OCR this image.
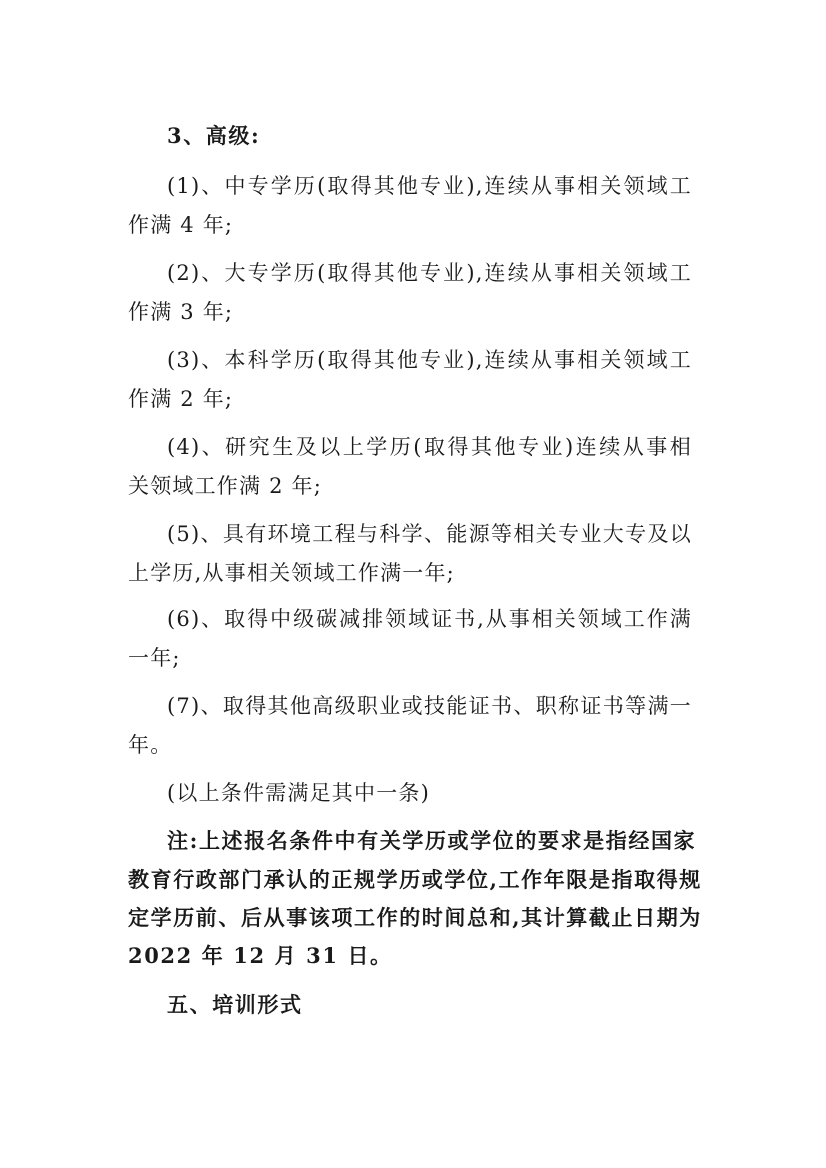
3、高级:
(1)、中专学历(取得其他专业),连续从事相关领域工
作满 4 年;
(2)、大专学历(取得其他专业),连续从事相关领域工
作满 3 年;
(3)、本科学历(取得其他专业),连续从事相关领域工
作满 2 年;
(4)、研究生及以上学历(取得其他专业)连续从事相
关领域工作满 2 年;
(5)、具有环境工程与科学、能源等相关专业大专及以
上学历,从事相关领域工作满一年;
(6)、取得中级碳减排领域证书,从事相关领域工作满
一年;
(7)、取得其他高级职业或技能证书、职称证书等满一
年。
(以上条件需满足其中一条)
注:上述报名条件中有关学历或学位的要求是指经国家
教育行政部门承认的正规学历或学位,工作年限是指取得规
定学历前、后从事该项工作的时间总和,其计算截止日期为
2022 年 12 月 31 日。
五、培训形式
